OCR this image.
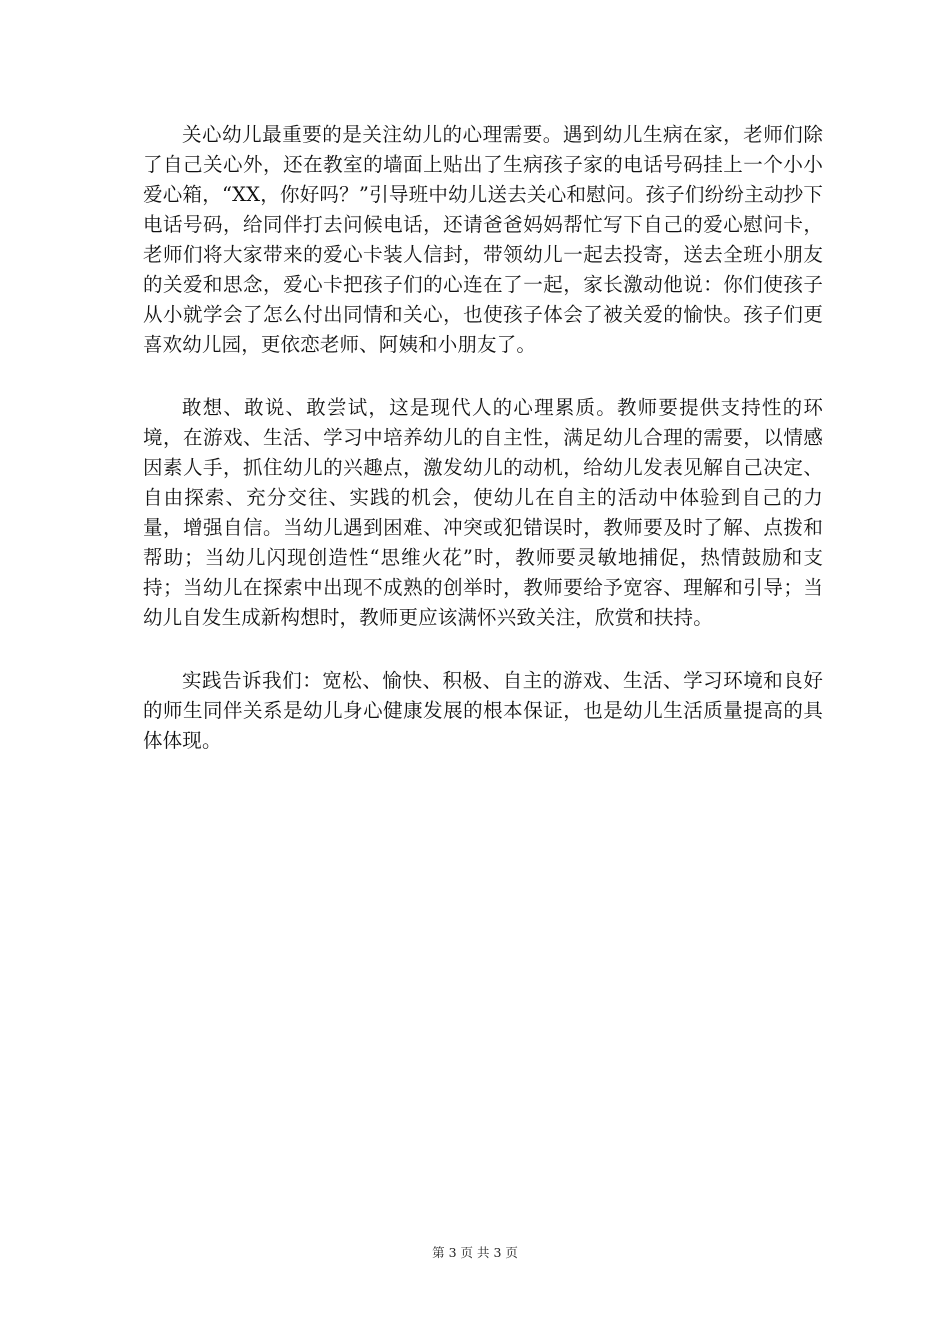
关心幼儿最重要的是关注幼儿的心理需要。遇到幼儿生病在家，老师们除了自己关心外，还在教室的墙面上贴出了生病孩子家的电话号码挂上一个小小爱心箱，“XX，你好吗？”引导班中幼儿送去关心和慰问。孩子们纷纷主动抄下电话号码，给同伴打去问候电话，还请爸爸妈妈帮忙写下自己的爱心慰问卡，老师们将大家带来的爱心卡装人信封，带领幼儿一起去投寄，送去全班小朋友的关爱和思念，爱心卡把孩子们的心连在了一起，家长激动他说：你们使孩子从小就学会了怎么付出同情和关心，也使孩子体会了被关爱的愉快。孩子们更喜欢幼儿园，更依恋老师、阿姨和小朋友了。

敢想、敢说、敢尝试，这是现代人的心理累质。教师要提供支持性的环境，在游戏、生活、学习中培养幼儿的自主性，满足幼儿合理的需要，以情感因素人手，抓住幼儿的兴趣点，激发幼儿的动机，给幼儿发表见解自己决定、自由探索、充分交往、实践的机会，使幼儿在自主的活动中体验到自己的力量，增强自信。当幼儿遇到困难、冲突或犯错误时，教师要及时了解、点拨和帮助；当幼儿闪现创造性“思维火花”时，教师要灵敏地捕促，热情鼓励和支持；当幼儿在探索中出现不成熟的创举时，教师要给予宽容、理解和引导；当幼儿自发生成新构想时，教师更应该满怀兴致关注，欣赏和扶持。

实践告诉我们：宽松、愉快、积极、自主的游戏、生活、学习环境和良好的师生同伴关系是幼儿身心健康发展的根本保证，也是幼儿生活质量提高的具体体现。

第 3 页 共 3 页
